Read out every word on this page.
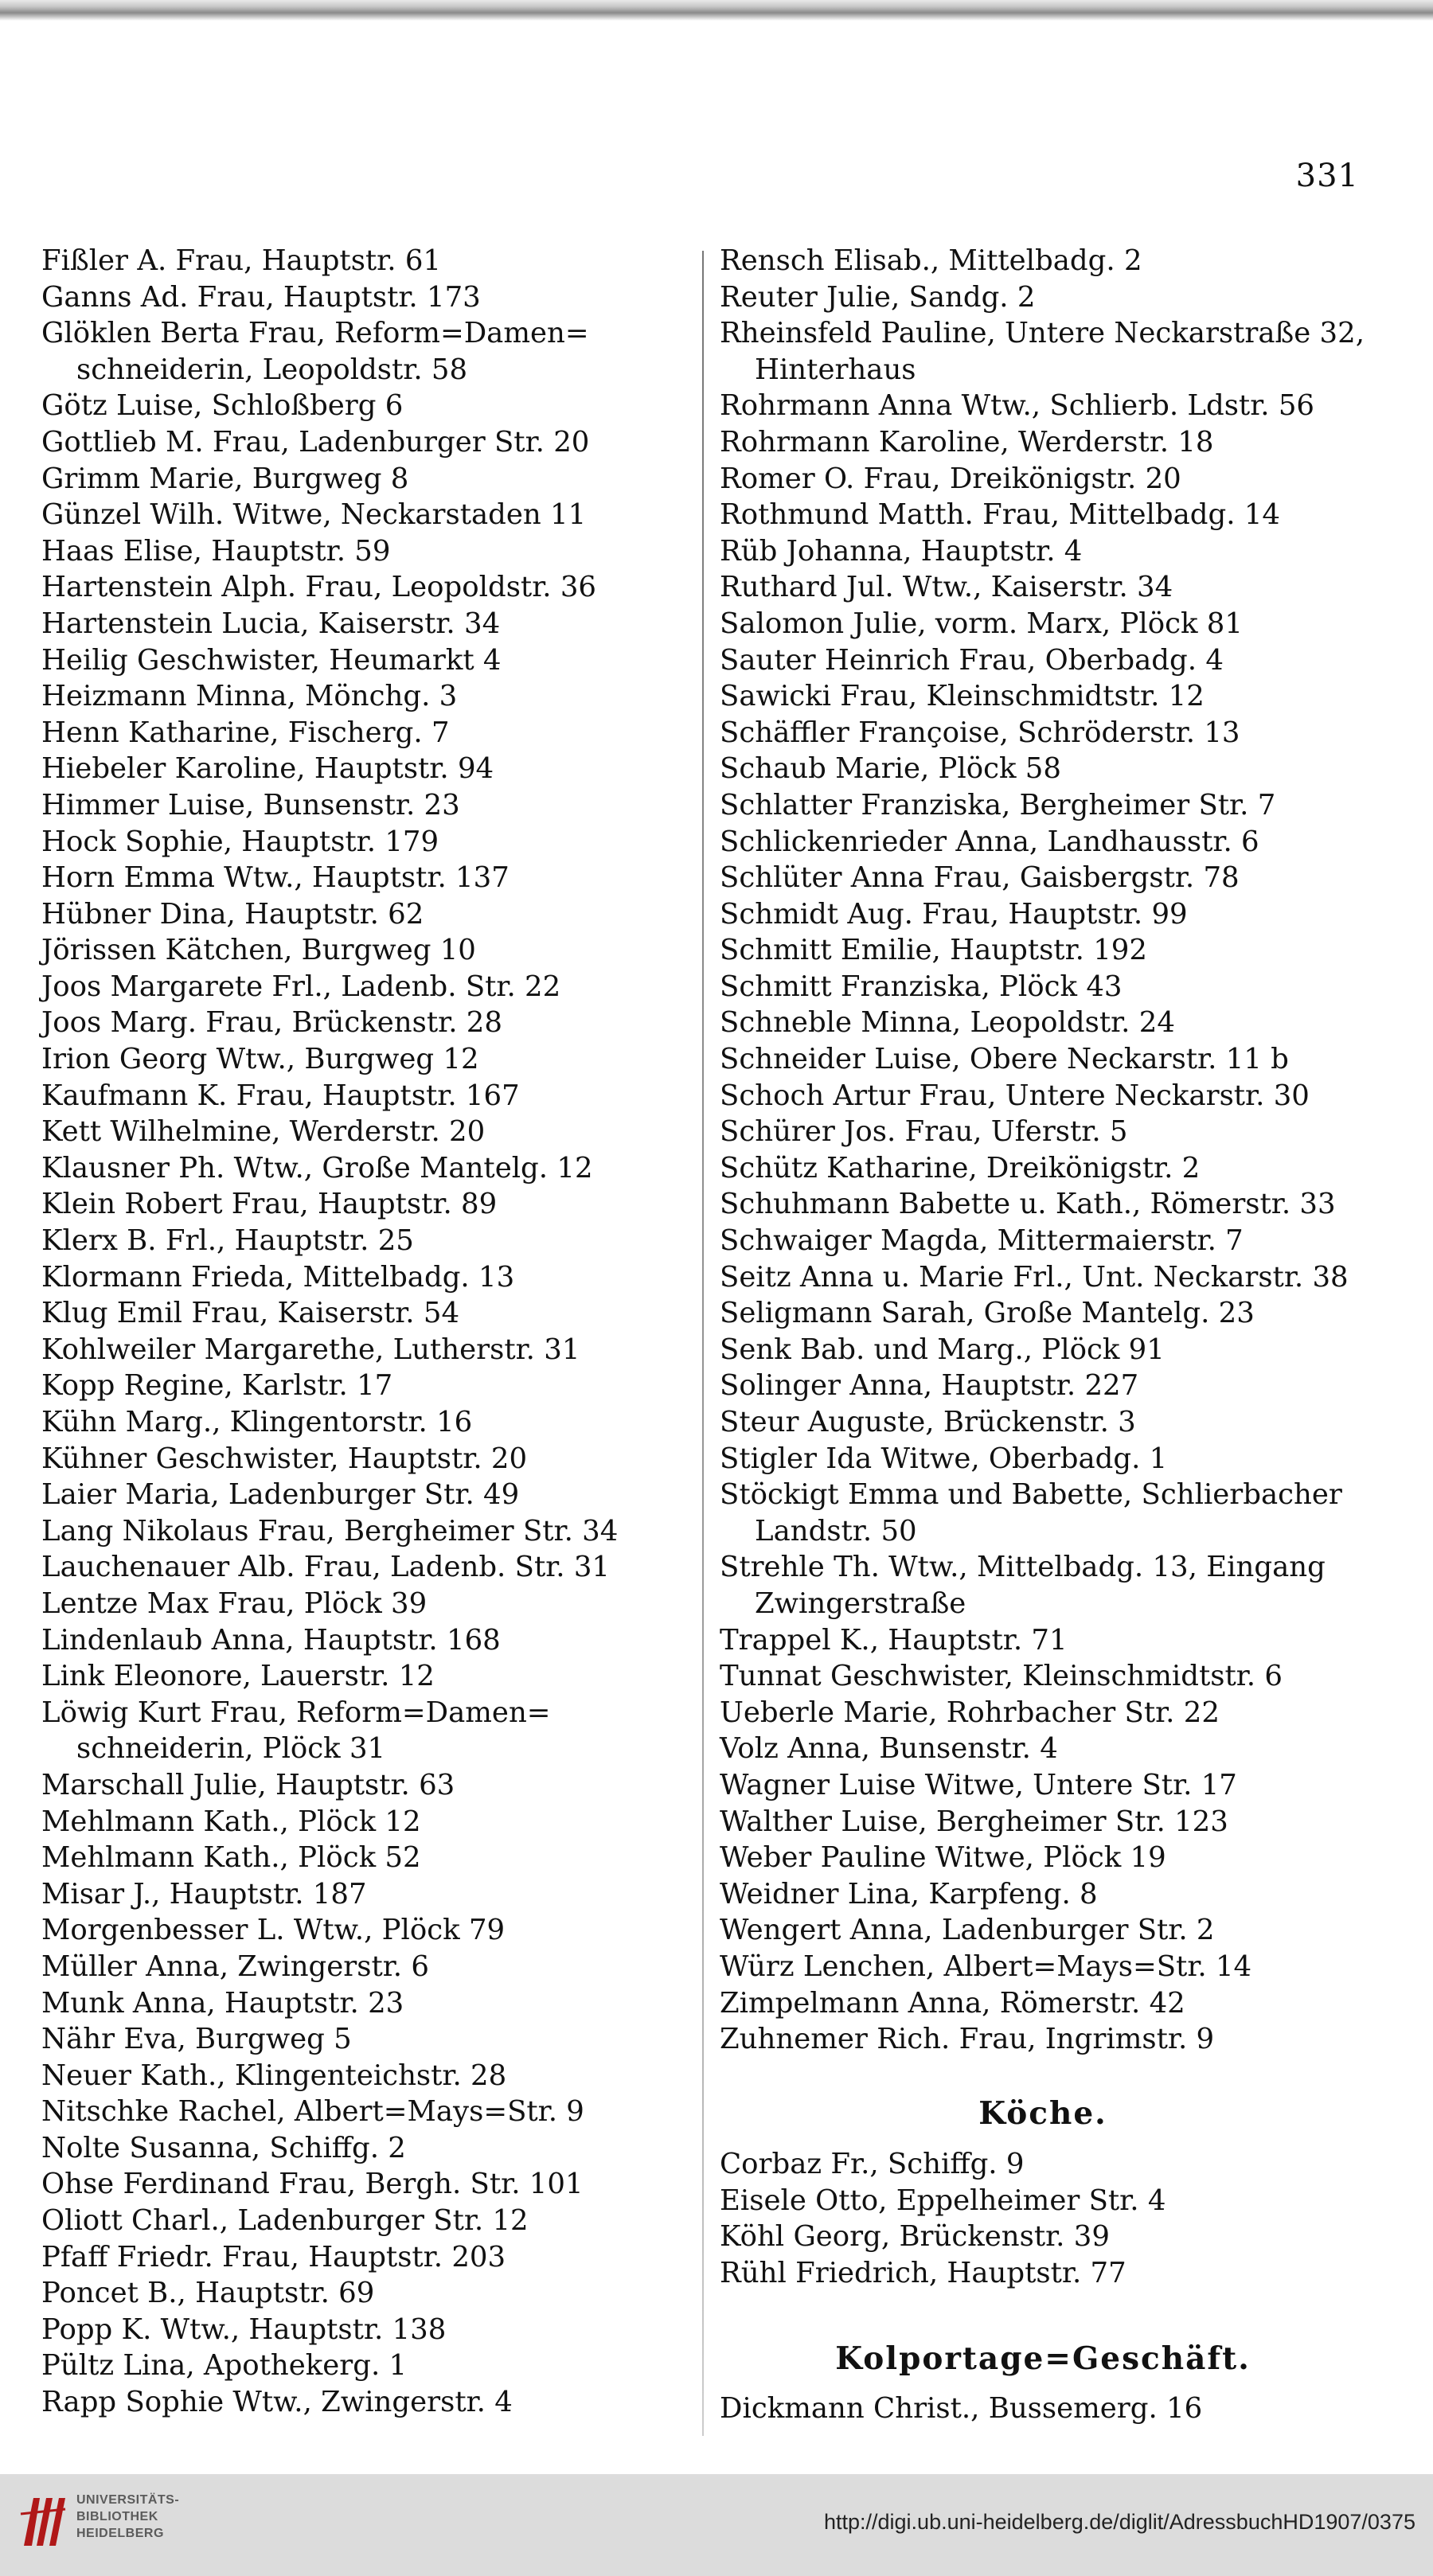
331
Fißler A. Frau, Hauptstr. 61
Ganns Ad. Frau, Hauptstr. 173
Glöklen Berta Frau, Reform=Damen=
schneiderin, Leopoldstr. 58
Götz Luise, Schloßberg 6
Gottlieb M. Frau, Ladenburger Str. 20
Grimm Marie, Burgweg 8
Günzel Wilh. Witwe, Neckarstaden 11
Haas Elise, Hauptstr. 59
Hartenstein Alph. Frau, Leopoldstr. 36
Hartenstein Lucia, Kaiserstr. 34
Heilig Geschwister, Heumarkt 4
Heizmann Minna, Mönchg. 3
Henn Katharine, Fischerg. 7
Hiebeler Karoline, Hauptstr. 94
Himmer Luise, Bunsenstr. 23
Hock Sophie, Hauptstr. 179
Horn Emma Wtw., Hauptstr. 137
Hübner Dina, Hauptstr. 62
Jörissen Kätchen, Burgweg 10
Joos Margarete Frl., Ladenb. Str. 22
Joos Marg. Frau, Brückenstr. 28
Irion Georg Wtw., Burgweg 12
Kaufmann K. Frau, Hauptstr. 167
Kett Wilhelmine, Werderstr. 20
Klausner Ph. Wtw., Große Mantelg. 12
Klein Robert Frau, Hauptstr. 89
Klerx B. Frl., Hauptstr. 25
Klormann Frieda, Mittelbadg. 13
Klug Emil Frau, Kaiserstr. 54
Kohlweiler Margarethe, Lutherstr. 31
Kopp Regine, Karlstr. 17
Kühn Marg., Klingentorstr. 16
Kühner Geschwister, Hauptstr. 20
Laier Maria, Ladenburger Str. 49
Lang Nikolaus Frau, Bergheimer Str. 34
Lauchenauer Alb. Frau, Ladenb. Str. 31
Lentze Max Frau, Plöck 39
Lindenlaub Anna, Hauptstr. 168
Link Eleonore, Lauerstr. 12
Löwig Kurt Frau, Reform=Damen=
schneiderin, Plöck 31
Marschall Julie, Hauptstr. 63
Mehlmann Kath., Plöck 12
Mehlmann Kath., Plöck 52
Misar J., Hauptstr. 187
Morgenbesser L. Wtw., Plöck 79
Müller Anna, Zwingerstr. 6
Munk Anna, Hauptstr. 23
Nähr Eva, Burgweg 5
Neuer Kath., Klingenteichstr. 28
Nitschke Rachel, Albert=Mays=Str. 9
Nolte Susanna, Schiffg. 2
Ohse Ferdinand Frau, Bergh. Str. 101
Oliott Charl., Ladenburger Str. 12
Pfaff Friedr. Frau, Hauptstr. 203
Poncet B., Hauptstr. 69
Popp K. Wtw., Hauptstr. 138
Pültz Lina, Apothekerg. 1
Rapp Sophie Wtw., Zwingerstr. 4
Rensch Elisab., Mittelbadg. 2
Reuter Julie, Sandg. 2
Rheinsfeld Pauline, Untere Neckarstraße 32,
Hinterhaus
Rohrmann Anna Wtw., Schlierb. Ldstr. 56
Rohrmann Karoline, Werderstr. 18
Romer O. Frau, Dreikönigstr. 20
Rothmund Matth. Frau, Mittelbadg. 14
Rüb Johanna, Hauptstr. 4
Ruthard Jul. Wtw., Kaiserstr. 34
Salomon Julie, vorm. Marx, Plöck 81
Sauter Heinrich Frau, Oberbadg. 4
Sawicki Frau, Kleinschmidtstr. 12
Schäffler Françoise, Schröderstr. 13
Schaub Marie, Plöck 58
Schlatter Franziska, Bergheimer Str. 7
Schlickenrieder Anna, Landhausstr. 6
Schlüter Anna Frau, Gaisbergstr. 78
Schmidt Aug. Frau, Hauptstr. 99
Schmitt Emilie, Hauptstr. 192
Schmitt Franziska, Plöck 43
Schneble Minna, Leopoldstr. 24
Schneider Luise, Obere Neckarstr. 11 b
Schoch Artur Frau, Untere Neckarstr. 30
Schürer Jos. Frau, Uferstr. 5
Schütz Katharine, Dreikönigstr. 2
Schuhmann Babette u. Kath., Römerstr. 33
Schwaiger Magda, Mittermaierstr. 7
Seitz Anna u. Marie Frl., Unt. Neckarstr. 38
Seligmann Sarah, Große Mantelg. 23
Senk Bab. und Marg., Plöck 91
Solinger Anna, Hauptstr. 227
Steur Auguste, Brückenstr. 3
Stigler Ida Witwe, Oberbadg. 1
Stöckigt Emma und Babette, Schlierbacher
Landstr. 50
Strehle Th. Wtw., Mittelbadg. 13, Eingang
Zwingerstraße
Trappel K., Hauptstr. 71
Tunnat Geschwister, Kleinschmidtstr. 6
Ueberle Marie, Rohrbacher Str. 22
Volz Anna, Bunsenstr. 4
Wagner Luise Witwe, Untere Str. 17
Walther Luise, Bergheimer Str. 123
Weber Pauline Witwe, Plöck 19
Weidner Lina, Karpfeng. 8
Wengert Anna, Ladenburger Str. 2
Würz Lenchen, Albert=Mays=Str. 14
Zimpelmann Anna, Römerstr. 42
Zuhnemer Rich. Frau, Ingrimstr. 9
Köche.
Corbaz Fr., Schiffg. 9
Eisele Otto, Eppelheimer Str. 4
Köhl Georg, Brückenstr. 39
Rühl Friedrich, Hauptstr. 77
Kolportage=Geschäft.
Dickmann Christ., Bussemerg. 16
UNIVERSITÄTS-
BIBLIOTHEK
HEIDELBERG	http://digi.ub.uni-heidelberg.de/diglit/AdressbuchHD1907/0375
